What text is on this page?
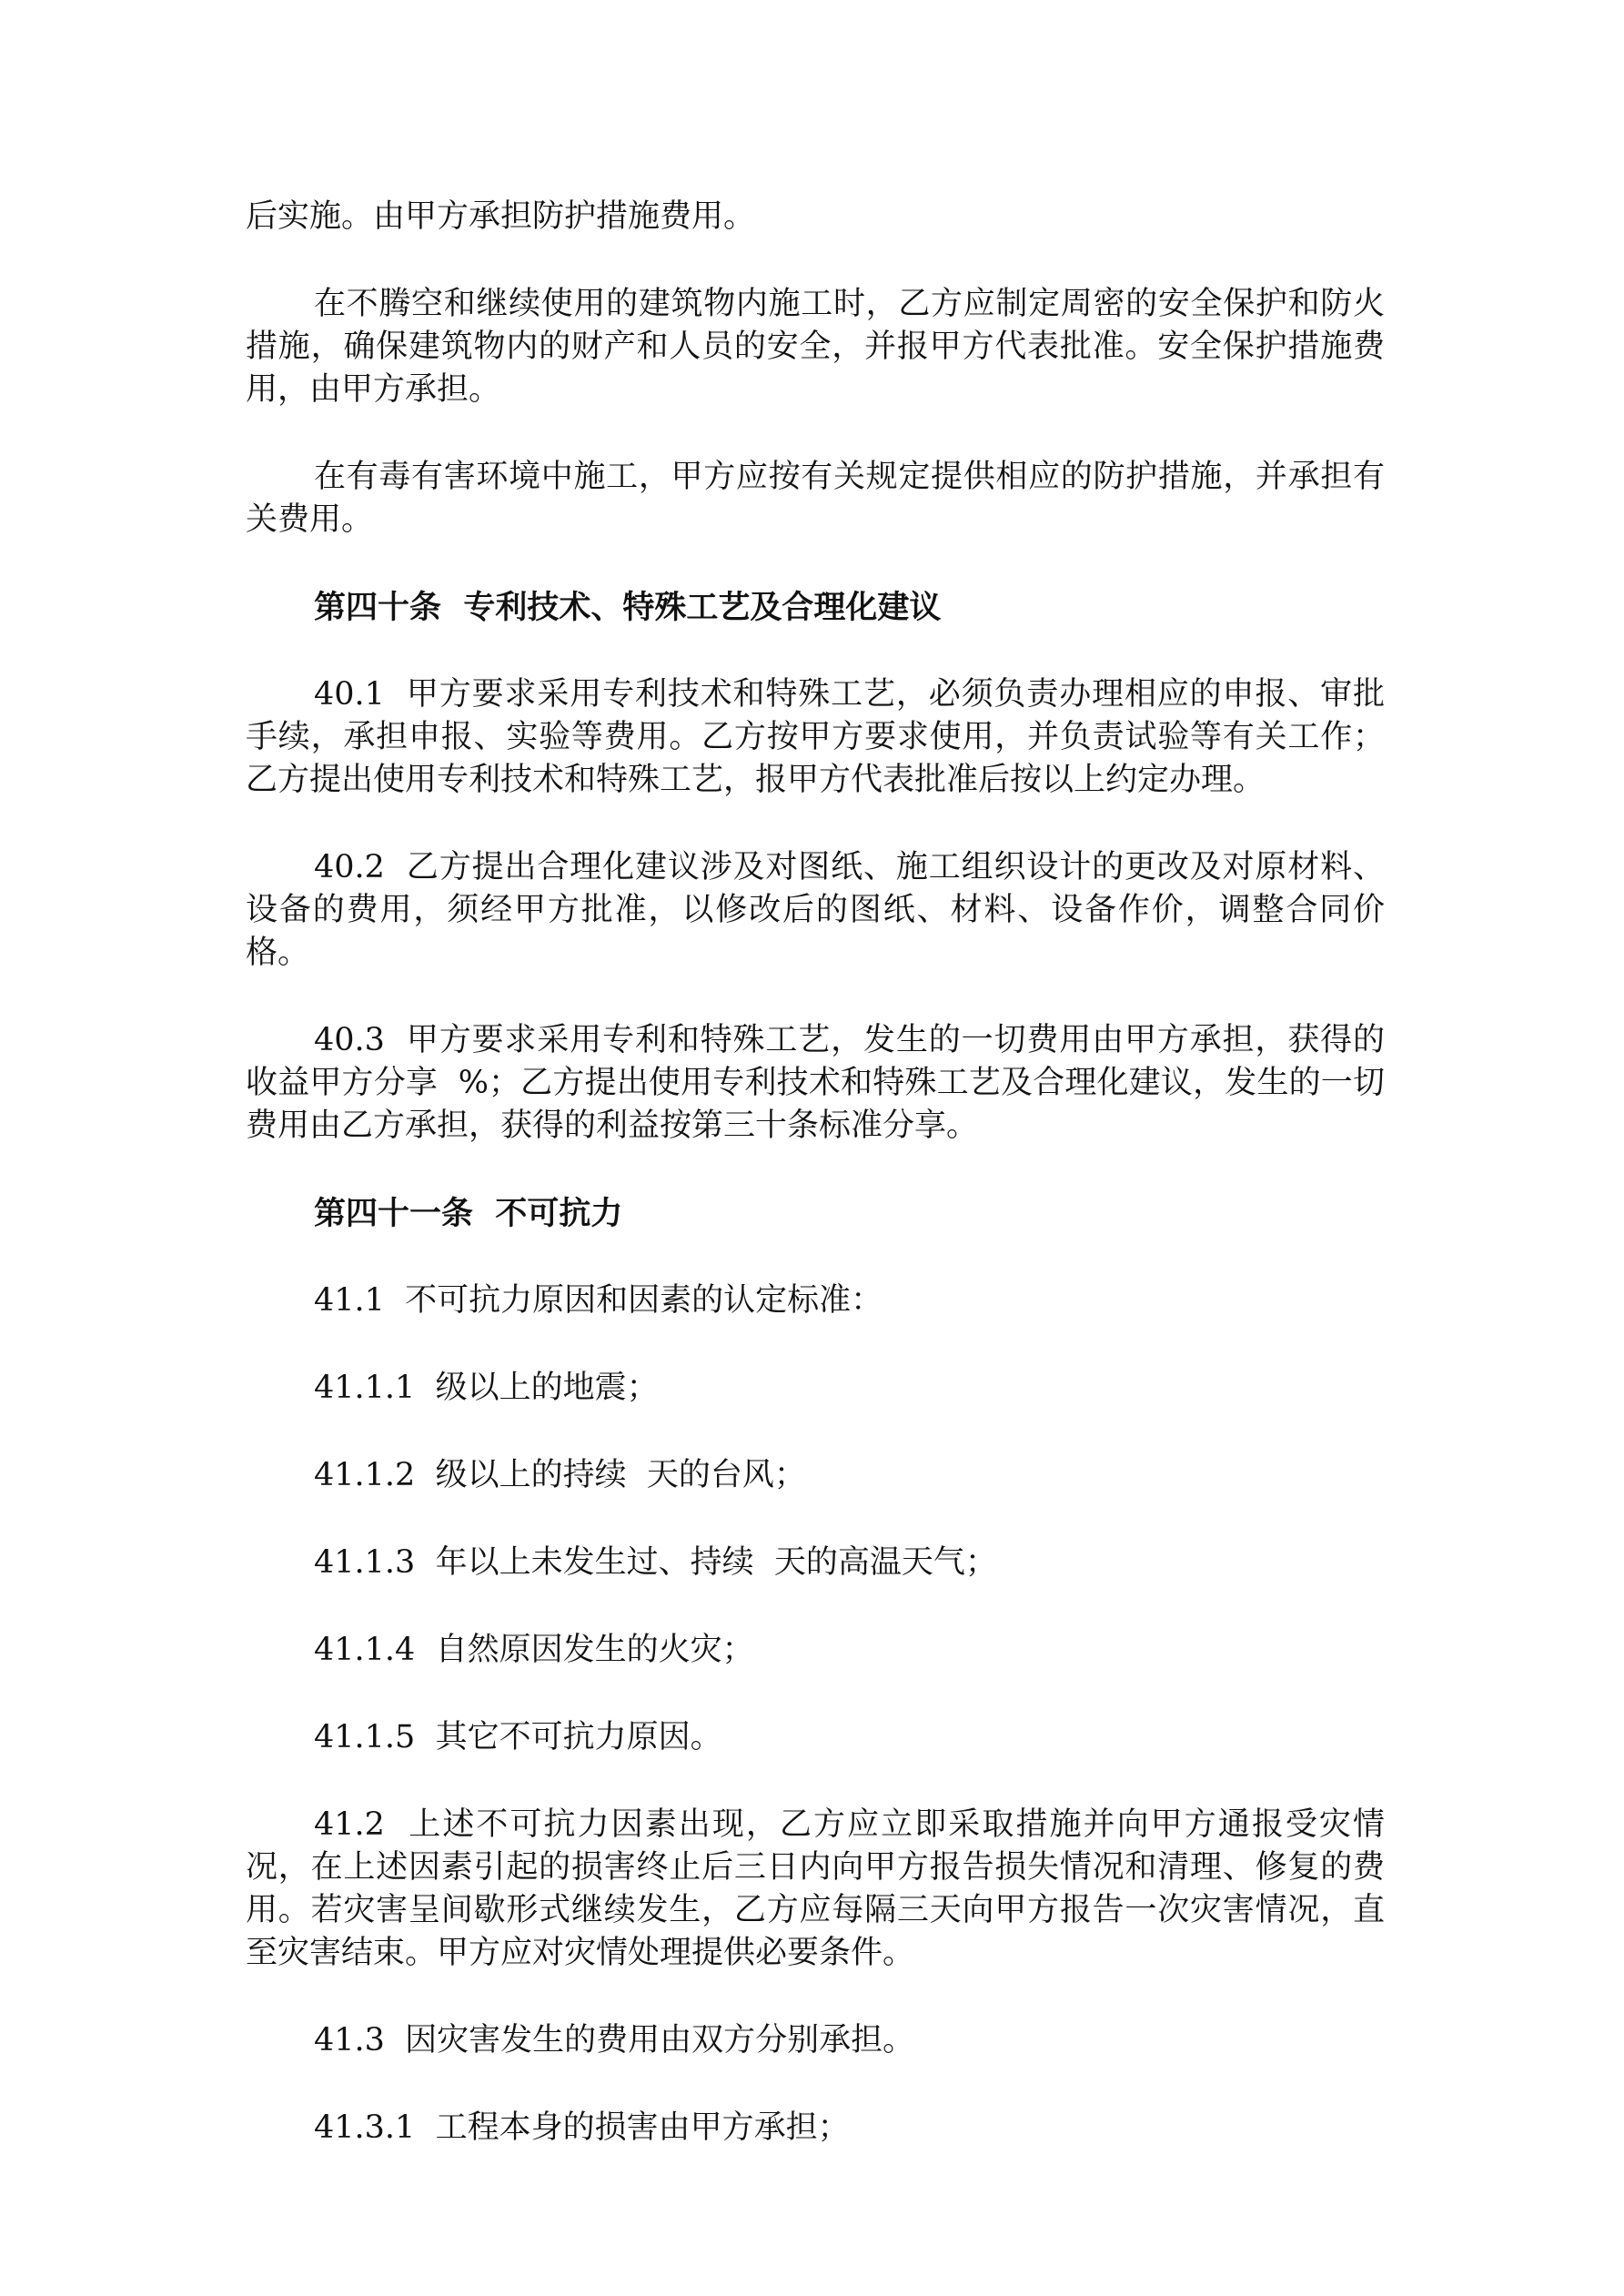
后实施。由甲方承担防护措施费用。

在不腾空和继续使用的建筑物内施工时，乙方应制定周密的安全保护和防火措施，确保建筑物内的财产和人员的安全，并报甲方代表批准。安全保护措施费用，由甲方承担。

在有毒有害环境中施工，甲方应按有关规定提供相应的防护措施，并承担有关费用。

第四十条  专利技术、特殊工艺及合理化建议

40.1  甲方要求采用专利技术和特殊工艺，必须负责办理相应的申报、审批手续，承担申报、实验等费用。乙方按甲方要求使用，并负责试验等有关工作；乙方提出使用专利技术和特殊工艺，报甲方代表批准后按以上约定办理。

40.2  乙方提出合理化建议涉及对图纸、施工组织设计的更改及对原材料、设备的费用，须经甲方批准，以修改后的图纸、材料、设备作价，调整合同价格。

40.3  甲方要求采用专利和特殊工艺，发生的一切费用由甲方承担，获得的收益甲方分享  %；乙方提出使用专利技术和特殊工艺及合理化建议，发生的一切费用由乙方承担，获得的利益按第三十条标准分享。

第四十一条  不可抗力

41.1  不可抗力原因和因素的认定标准：

41.1.1  级以上的地震；

41.1.2  级以上的持续  天的台风；

41.1.3  年以上未发生过、持续  天的高温天气；

41.1.4  自然原因发生的火灾；

41.1.5  其它不可抗力原因。

41.2  上述不可抗力因素出现，乙方应立即采取措施并向甲方通报受灾情况，在上述因素引起的损害终止后三日内向甲方报告损失情况和清理、修复的费用。若灾害呈间歇形式继续发生，乙方应每隔三天向甲方报告一次灾害情况，直至灾害结束。甲方应对灾情处理提供必要条件。

41.3  因灾害发生的费用由双方分别承担。

41.3.1  工程本身的损害由甲方承担；
